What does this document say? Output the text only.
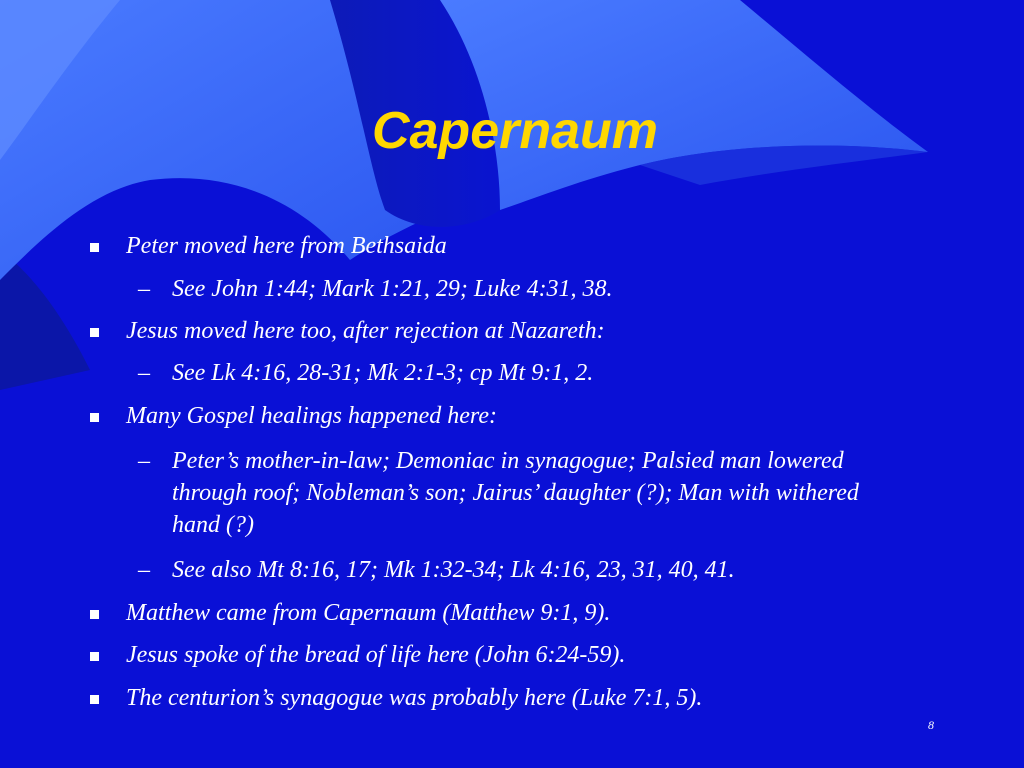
Capernaum
Peter moved here from Bethsaida
– See John 1:44; Mark 1:21, 29; Luke 4:31, 38.
Jesus moved here too, after rejection at Nazareth:
– See Lk 4:16, 28-31; Mk 2:1-3; cp Mt 9:1, 2.
Many Gospel healings happened here:
– Peter’s mother-in-law; Demoniac in synagogue; Palsied man lowered through roof; Nobleman’s son; Jairus’ daughter (?); Man with withered hand (?)
– See also Mt 8:16, 17; Mk 1:32-34; Lk 4:16, 23, 31, 40, 41.
Matthew came from Capernaum (Matthew 9:1, 9).
Jesus spoke of the bread of life here (John 6:24-59).
The centurion’s synagogue was probably here (Luke 7:1, 5).
8
